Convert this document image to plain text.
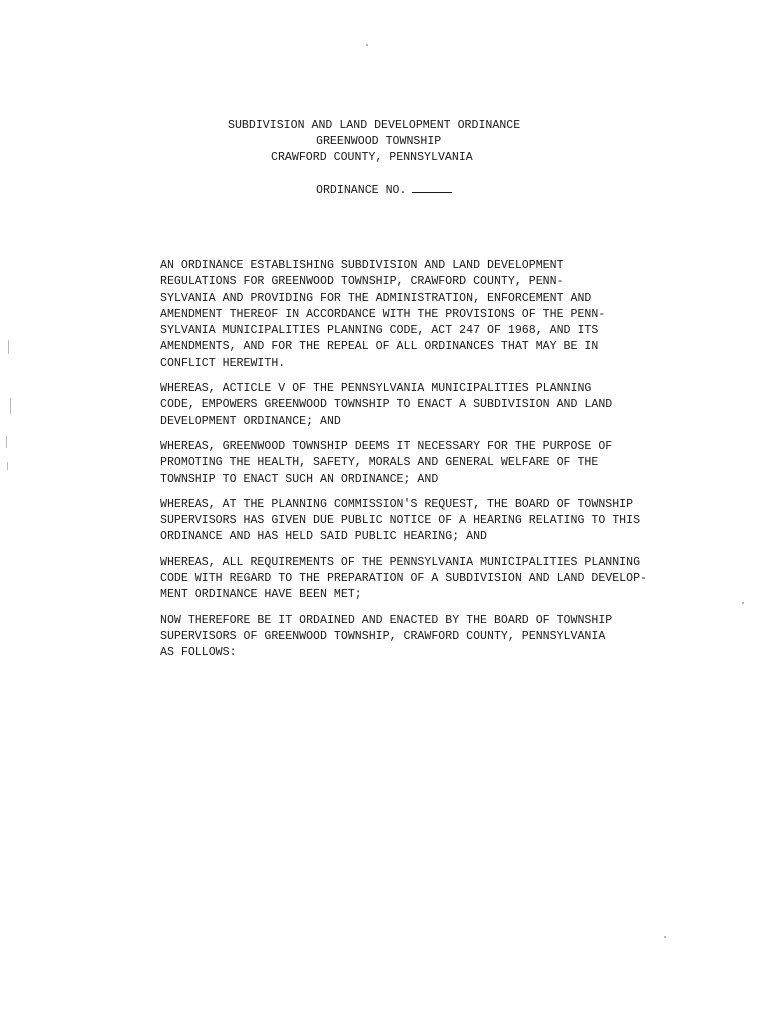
SUBDIVISION AND LAND DEVELOPMENT ORDINANCE
GREENWOOD TOWNSHIP
CRAWFORD COUNTY, PENNSYLVANIA
ORDINANCE NO.
AN ORDINANCE ESTABLISHING SUBDIVISION AND LAND DEVELOPMENT
REGULATIONS FOR GREENWOOD TOWNSHIP, CRAWFORD COUNTY, PENN-
SYLVANIA AND PROVIDING FOR THE ADMINISTRATION, ENFORCEMENT AND
AMENDMENT THEREOF IN ACCORDANCE WITH THE PROVISIONS OF THE PENN-
SYLVANIA MUNICIPALITIES PLANNING CODE, ACT 247 OF 1968, AND ITS
AMENDMENTS, AND FOR THE REPEAL OF ALL ORDINANCES THAT MAY BE IN
CONFLICT HEREWITH.
WHEREAS, ACTICLE V OF THE PENNSYLVANIA MUNICIPALITIES PLANNING
CODE, EMPOWERS GREENWOOD TOWNSHIP TO ENACT A SUBDIVISION AND LAND
DEVELOPMENT ORDINANCE; AND
WHEREAS, GREENWOOD TOWNSHIP DEEMS IT NECESSARY FOR THE PURPOSE OF
PROMOTING THE HEALTH, SAFETY, MORALS AND GENERAL WELFARE OF THE
TOWNSHIP TO ENACT SUCH AN ORDINANCE; AND
WHEREAS, AT THE PLANNING COMMISSION'S REQUEST, THE BOARD OF TOWNSHIP
SUPERVISORS HAS GIVEN DUE PUBLIC NOTICE OF A HEARING RELATING TO THIS
ORDINANCE AND HAS HELD SAID PUBLIC HEARING; AND
WHEREAS, ALL REQUIREMENTS OF THE PENNSYLVANIA MUNICIPALITIES PLANNING
CODE WITH REGARD TO THE PREPARATION OF A SUBDIVISION AND LAND DEVELOP-
MENT ORDINANCE HAVE BEEN MET;
NOW THEREFORE BE IT ORDAINED AND ENACTED BY THE BOARD OF TOWNSHIP
SUPERVISORS OF GREENWOOD TOWNSHIP, CRAWFORD COUNTY, PENNSYLVANIA
AS FOLLOWS:
